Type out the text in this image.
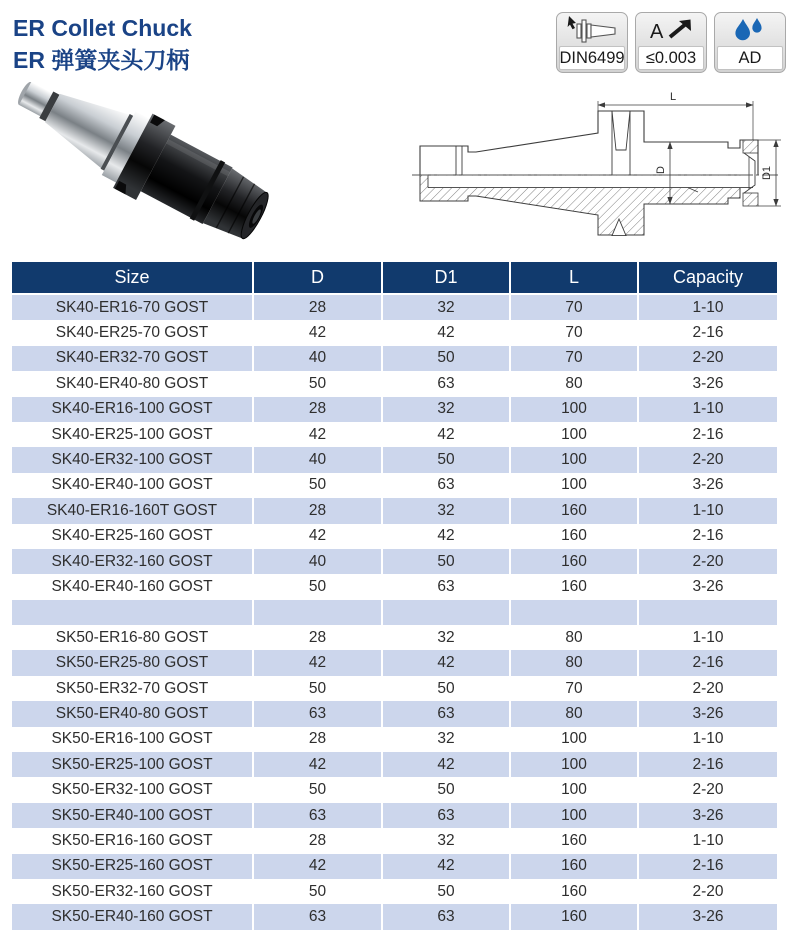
ER Collet Chuck
ER 弹簧夹头刀柄	DIN6499
A
≤0.003	AD
L
D	D1
Size	D	D1	L	Capacity
SK40-ER16-70 GOST	28	32	70	1-10
SK40-ER25-70 GOST	42	42	70	2-16
SK40-ER32-70 GOST	40	50	70	2-20
SK40-ER40-80 GOST	50	63	80	3-26
SK40-ER16-100 GOST	28	32	100	1-10
SK40-ER25-100 GOST	42	42	100	2-16
SK40-ER32-100 GOST	40	50	100	2-20
SK40-ER40-100 GOST	50	63	100	3-26
SK40-ER16-160T GOST	28	32	160	1-10
SK40-ER25-160 GOST	42	42	160	2-16
SK40-ER32-160 GOST	40	50	160	2-20
SK40-ER40-160 GOST	50	63	160	3-26

SK50-ER16-80 GOST	28	32	80	1-10
SK50-ER25-80 GOST	42	42	80	2-16
SK50-ER32-70 GOST	50	50	70	2-20
SK50-ER40-80 GOST	63	63	80	3-26
SK50-ER16-100 GOST	28	32	100	1-10
SK50-ER25-100 GOST	42	42	100	2-16
SK50-ER32-100 GOST	50	50	100	2-20
SK50-ER40-100 GOST	63	63	100	3-26
SK50-ER16-160 GOST	28	32	160	1-10
SK50-ER25-160 GOST	42	42	160	2-16
SK50-ER32-160 GOST	50	50	160	2-20
SK50-ER40-160 GOST	63	63	160	3-26
